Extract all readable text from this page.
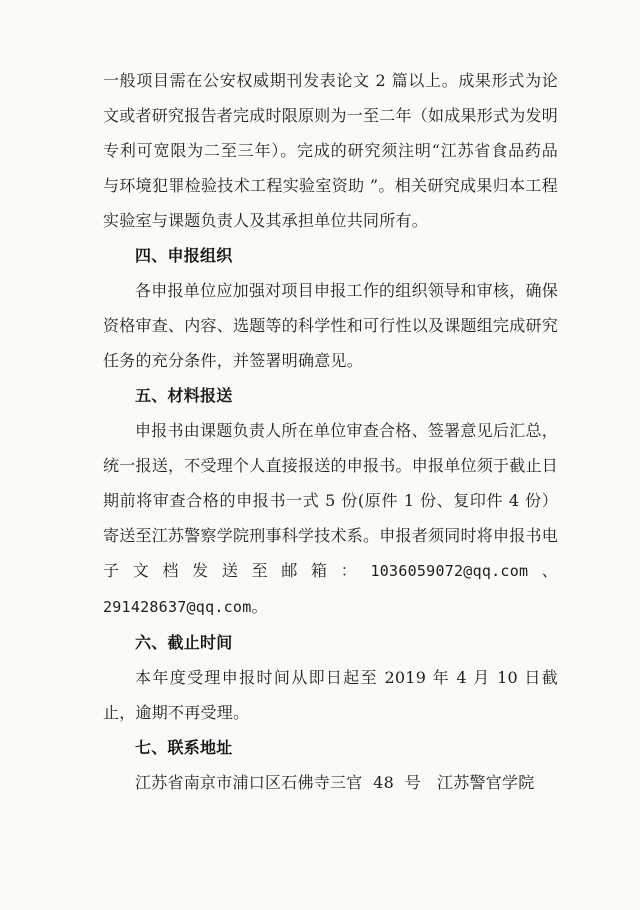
一般项目需在公安权威期刊发表论文 2 篇以上。成果形式为论文或者研究报告者完成时限原则为一至二年（如成果形式为发明专利可宽限为二至三年）。完成的研究须注明“江苏省食品药品与环境犯罪检验技术工程实验室资助 ”。相关研究成果归本工程实验室与课题负责人及其承担单位共同所有。

四、申报组织

各申报单位应加强对项目申报工作的组织领导和审核，确保资格审查、内容、选题等的科学性和可行性以及课题组完成研究任务的充分条件，并签署明确意见。

五、材料报送

申报书由课题负责人所在单位审查合格、签署意见后汇总，统一报送，不受理个人直接报送的申报书。申报单位须于截止日期前将审查合格的申报书一式 5 份(原件 1 份、复印件 4 份）寄送至江苏警察学院刑事科学技术系。申报者须同时将申报书电子文档发送至邮箱：1036059072@qq.com、291428637@qq.com。

六、截止时间

本年度受理申报时间从即日起至 2019 年 4 月 10 日截止，逾期不再受理。

七、联系地址

江苏省南京市浦口区石佛寺三官  48  号   江苏警官学院
